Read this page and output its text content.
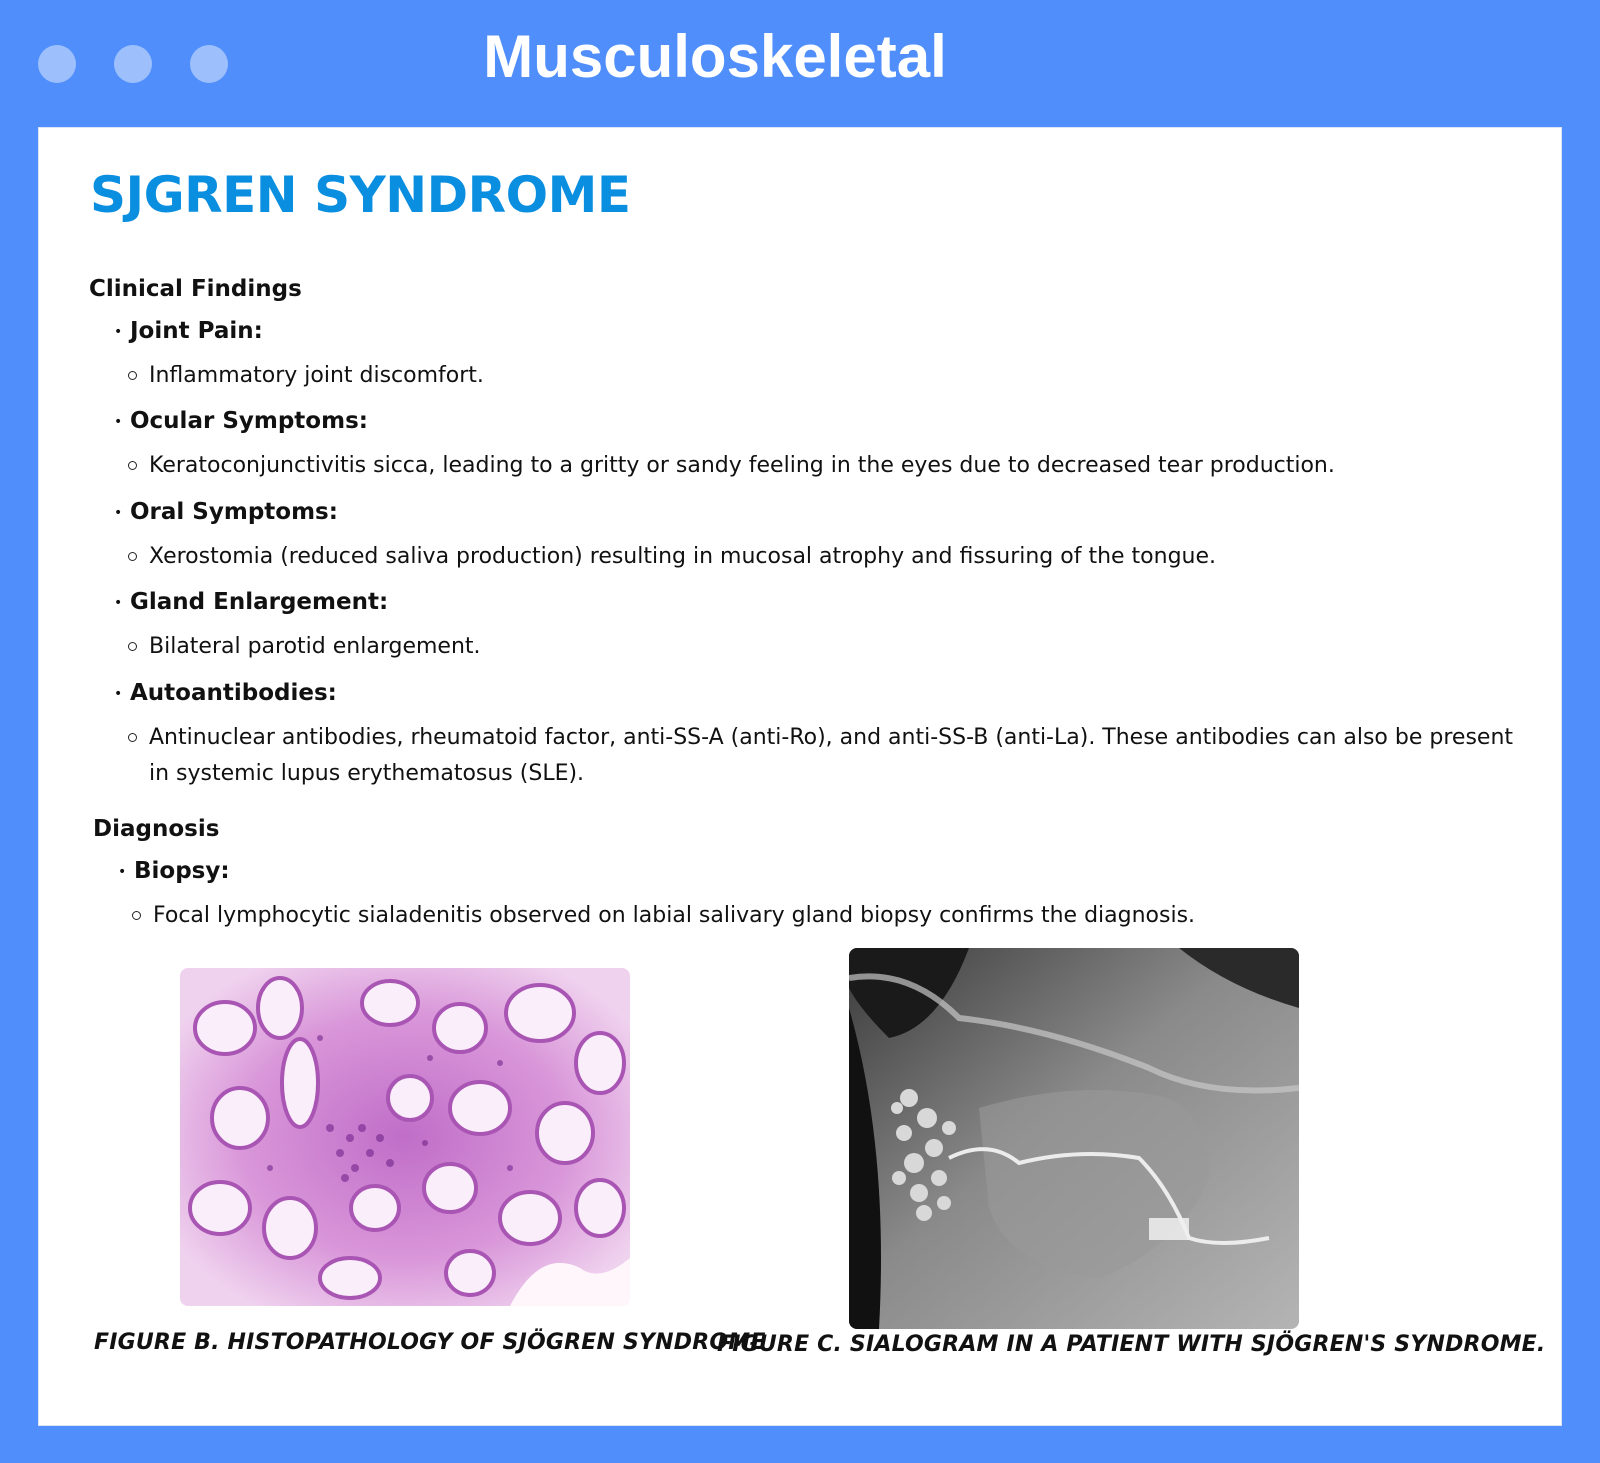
Musculoskeletal
SJGREN SYNDROME
Clinical Findings
• Joint Pain:
Inflammatory joint discomfort.
• Ocular Symptoms:
Keratoconjunctivitis sicca, leading to a gritty or sandy feeling in the eyes due to decreased tear production.
• Oral Symptoms:
Xerostomia (reduced saliva production) resulting in mucosal atrophy and fissuring of the tongue.
• Gland Enlargement:
Bilateral parotid enlargement.
• Autoantibodies:
Antinuclear antibodies, rheumatoid factor, anti-SS-A (anti-Ro), and anti-SS-B (anti-La). These antibodies can also be present in systemic lupus erythematosus (SLE).
Diagnosis
• Biopsy:
Focal lymphocytic sialadenitis observed on labial salivary gland biopsy confirms the diagnosis.
FIGURE B. HISTOPATHOLOGY OF SJÖGREN SYNDROME
FIGURE C. SIALOGRAM IN A PATIENT WITH SJÖGREN'S SYNDROME.
